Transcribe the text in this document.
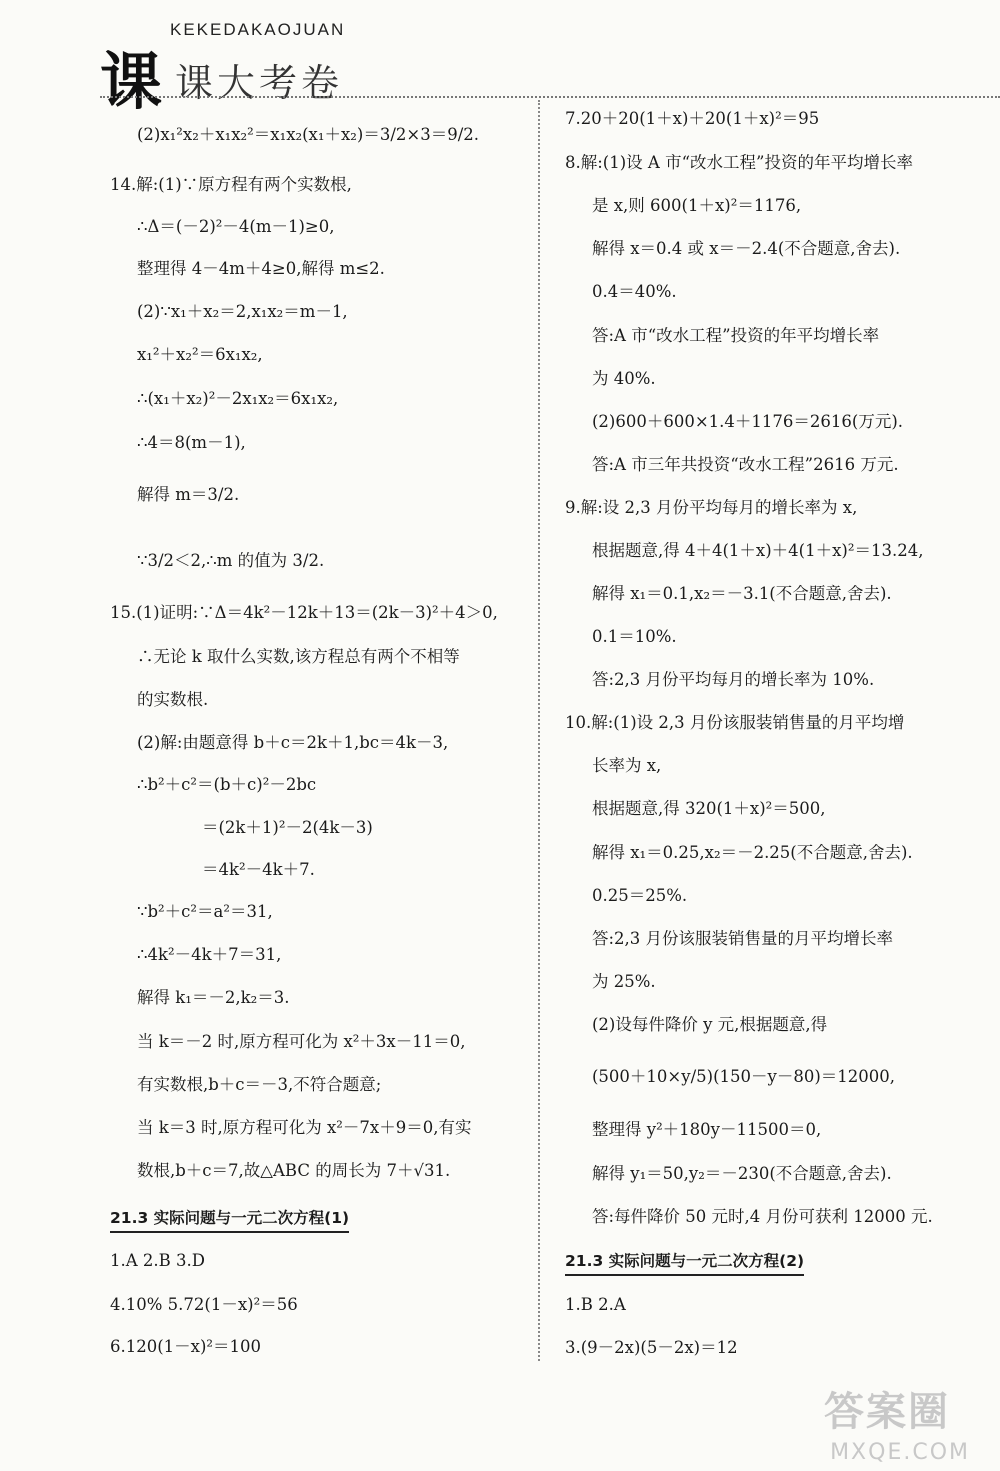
课
KEKEDAKAOJUAN
课大考卷
(2)x₁²x₂＋x₁x₂²＝x₁x₂(x₁＋x₂)＝3/2×3＝9/2.
14.解:(1)∵原方程有两个实数根,
∴Δ＝(－2)²－4(m－1)≥0,
整理得 4－4m＋4≥0,解得 m≤2.
(2)∵x₁＋x₂＝2,x₁x₂＝m－1,
x₁²＋x₂²＝6x₁x₂,
∴(x₁＋x₂)²－2x₁x₂＝6x₁x₂,
∴4＝8(m－1),
解得 m＝3/2.
∵3/2＜2,∴m 的值为 3/2.
15.(1)证明:∵Δ＝4k²－12k＋13＝(2k－3)²＋4＞0,
∴无论 k 取什么实数,该方程总有两个不相等
的实数根.
(2)解:由题意得 b＋c＝2k＋1,bc＝4k－3,
∴b²＋c²＝(b＋c)²－2bc
＝(2k＋1)²－2(4k－3)
＝4k²－4k＋7.
∵b²＋c²＝a²＝31,
∴4k²－4k＋7＝31,
解得 k₁＝－2,k₂＝3.
当 k＝－2 时,原方程可化为 x²＋3x－11＝0,
有实数根,b＋c＝－3,不符合题意;
当 k＝3 时,原方程可化为 x²－7x＋9＝0,有实
数根,b＋c＝7,故△ABC 的周长为 7＋√31.
21.3 实际问题与一元二次方程(1)
1.A 2.B 3.D
4.10% 5.72(1－x)²＝56
6.120(1－x)²＝100
7.20＋20(1＋x)＋20(1＋x)²＝95
8.解:(1)设 A 市“改水工程”投资的年平均增长率
是 x,则 600(1＋x)²＝1176,
解得 x＝0.4 或 x＝－2.4(不合题意,舍去).
0.4＝40%.
答:A 市“改水工程”投资的年平均增长率
为 40%.
(2)600＋600×1.4＋1176＝2616(万元).
答:A 市三年共投资“改水工程”2616 万元.
9.解:设 2,3 月份平均每月的增长率为 x,
根据题意,得 4＋4(1＋x)＋4(1＋x)²＝13.24,
解得 x₁＝0.1,x₂＝－3.1(不合题意,舍去).
0.1＝10%.
答:2,3 月份平均每月的增长率为 10%.
10.解:(1)设 2,3 月份该服装销售量的月平均增
长率为 x,
根据题意,得 320(1＋x)²＝500,
解得 x₁＝0.25,x₂＝－2.25(不合题意,舍去).
0.25＝25%.
答:2,3 月份该服装销售量的月平均增长率
为 25%.
(2)设每件降价 y 元,根据题意,得
(500＋10×y/5)(150－y－80)＝12000,
整理得 y²＋180y－11500＝0,
解得 y₁＝50,y₂＝－230(不合题意,舍去).
答:每件降价 50 元时,4 月份可获利 12000 元.
21.3 实际问题与一元二次方程(2)
1.B 2.A
3.(9－2x)(5－2x)＝12
答案圈
MXQE.COM
